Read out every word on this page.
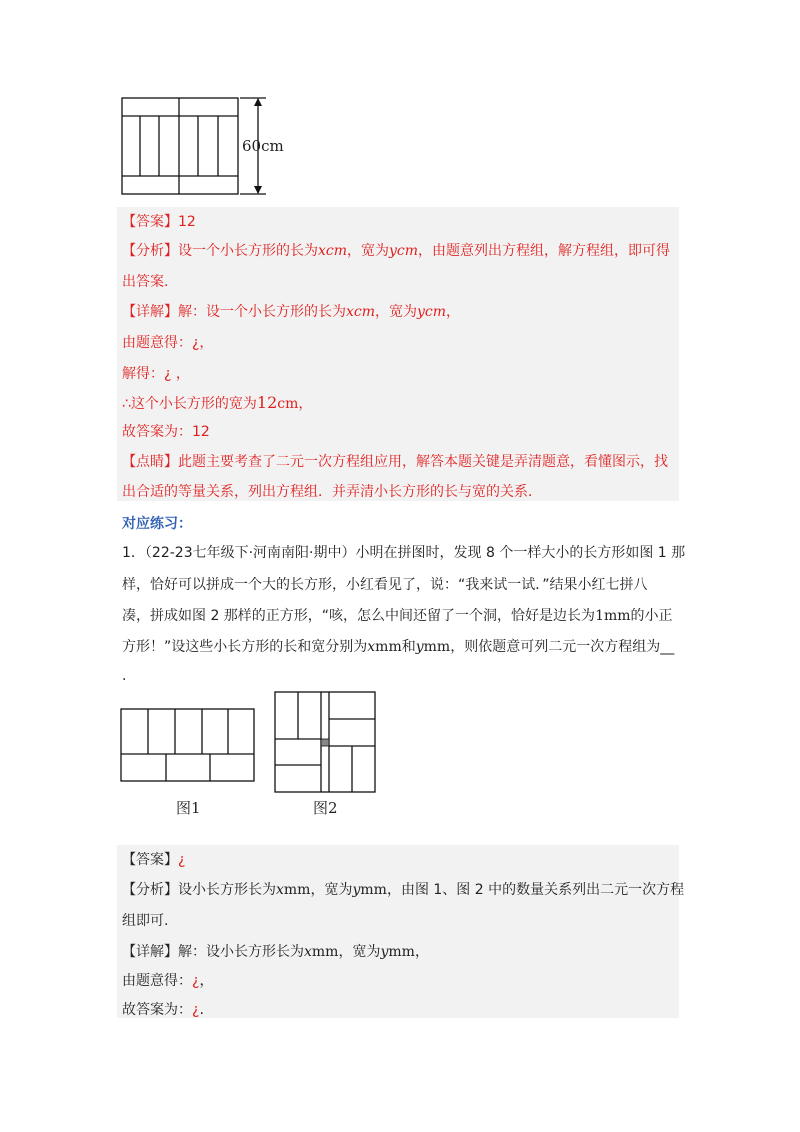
60cm
【答案】12
【分析】设一个小长方形的长为xcm，宽为ycm，由题意列出方程组，解方程组，即可得
出答案.
【详解】解：设一个小长方形的长为xcm，宽为ycm，
由题意得：¿，
解得：¿ ，
∴这个小长方形的宽为12cm，
故答案为：12
【点睛】此题主要考查了二元一次方程组应用，解答本题关键是弄清题意，看懂图示，找
出合适的等量关系，列出方程组．并弄清小长方形的长与宽的关系．
对应练习：
1．（22-23七年级下·河南南阳·期中）小明在拼图时，发现 8 个一样大小的长方形如图 1 那
样，恰好可以拼成一个大的长方形，小红看见了，说：“我来试一试．”结果小红七拼八
凑，拼成如图 2 那样的正方形，“咳，怎么中间还留了一个洞，恰好是边长为1mm的小正
方形！”设这些小长方形的长和宽分别为xmm和ymm，则依题意可列二元一次方程组为__
.
图1	图2
【答案】¿
【分析】设小长方形长为xmm，宽为ymm，由图 1、图 2 中的数量关系列出二元一次方程
组即可.
【详解】解：设小长方形长为xmm，宽为ymm，
由题意得：¿，
故答案为：¿.
